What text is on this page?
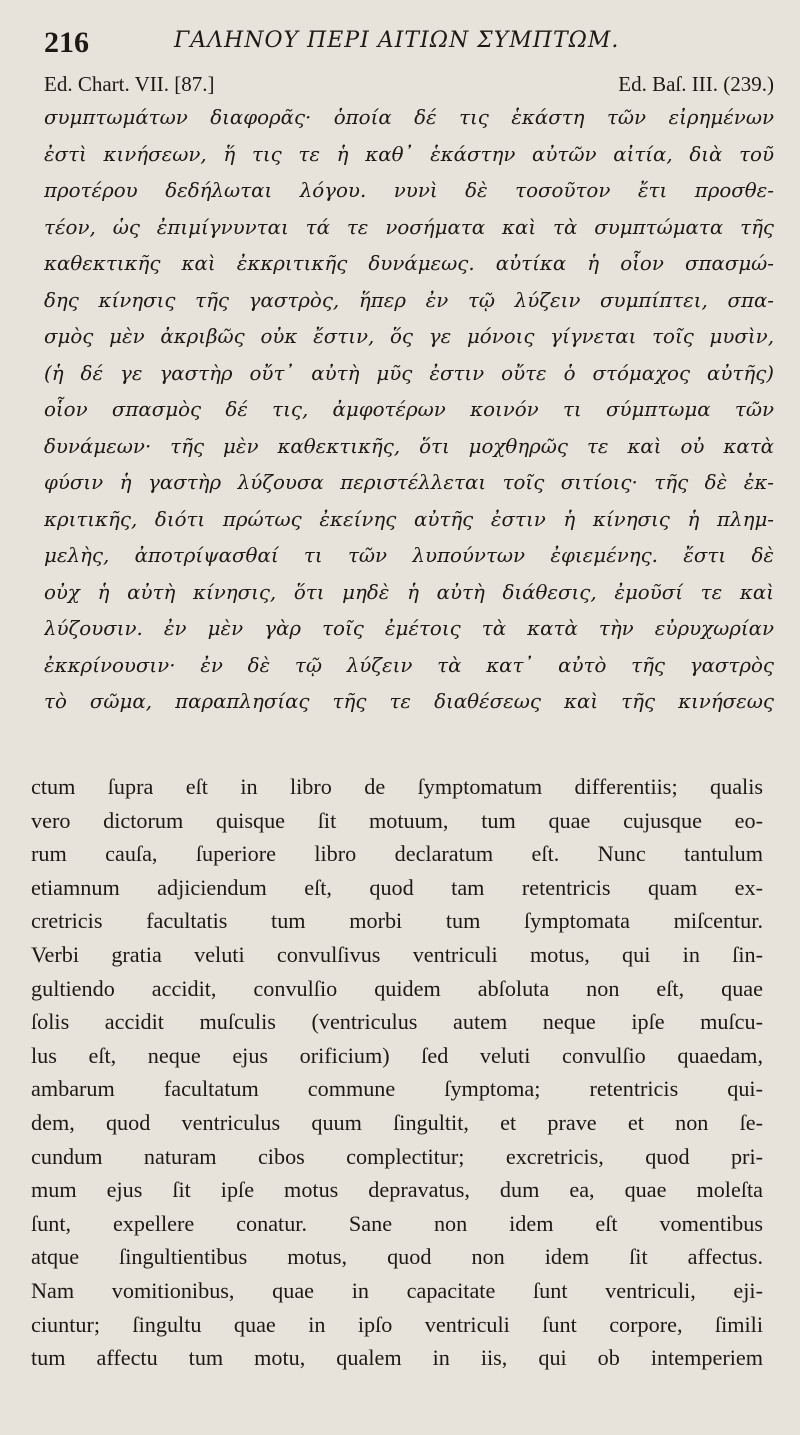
216	ΓΑΛΗΝΟΥ ΠΕΡΙ ΑΙΤΙΩΝ ΣΥΜΠΤΩΜ.
Ed. Chart. VII. [87.]	Ed. Baſ. III. (239.)
συμπτωμάτων διαφορᾶς· ὁποία δέ τις ἑκάστη τῶν εἰρημένων
ἐστὶ κινήσεων, ἥ τις τε ἡ καθ᾽ ἑκάστην αὐτῶν αἰτία, διὰ τοῦ
προτέρου δεδήλωται λόγου. νυνὶ δὲ τοσοῦτον ἔτι προσθε-
τέον, ὡς ἐπιμίγνυνται τά τε νοσήματα καὶ τὰ συμπτώματα τῆς
καθεκτικῆς καὶ ἐκκριτικῆς δυνάμεως. αὐτίκα ἡ οἷον σπασμώ-
δης κίνησις τῆς γαστρὸς, ἥπερ ἐν τῷ λύζειν συμπίπτει, σπα-
σμὸς μὲν ἀκριβῶς οὐκ ἔστιν, ὅς γε μόνοις γίγνεται τοῖς μυσὶν,
(ἡ δέ γε γαστὴρ οὔτ᾽ αὐτὴ μῦς ἐστιν οὔτε ὁ στόμαχος αὐτῆς)
οἷον σπασμὸς δέ τις, ἀμφοτέρων κοινόν τι σύμπτωμα τῶν
δυνάμεων· τῆς μὲν καθεκτικῆς, ὅτι μοχθηρῶς τε καὶ οὐ κατὰ
φύσιν ἡ γαστὴρ λύζουσα περιστέλλεται τοῖς σιτίοις· τῆς δὲ ἐκ-
κριτικῆς, διότι πρώτως ἐκείνης αὐτῆς ἐστιν ἡ κίνησις ἡ πλημ-
μελὴς, ἀποτρίψασθαί τι τῶν λυπούντων ἐφιεμένης. ἔστι δὲ
οὐχ ἡ αὐτὴ κίνησις, ὅτι μηδὲ ἡ αὐτὴ διάθεσις, ἐμοῦσί τε καὶ
λύζουσιν. ἐν μὲν γὰρ τοῖς ἐμέτοις τὰ κατὰ τὴν εὐρυχωρίαν
ἐκκρίνουσιν· ἐν δὲ τῷ λύζειν τὰ κατ᾽ αὐτὸ τῆς γαστρὸς
τὸ σῶμα, παραπλησίας τῆς τε διαθέσεως καὶ τῆς κινήσεως
ctum ſupra eſt in libro de ſymptomatum differentiis; qualis
vero dictorum quisque ſit motuum, tum quae cujusque eo-
rum cauſa, ſuperiore libro declaratum eſt. Nunc tantulum
etiamnum adjiciendum eſt, quod tam retentricis quam ex-
cretricis facultatis tum morbi tum ſymptomata miſcentur.
Verbi gratia veluti convulſivus ventriculi motus, qui in ſin-
gultiendo accidit, convulſio quidem abſoluta non eſt, quae
ſolis accidit muſculis (ventriculus autem neque ipſe muſcu-
lus eſt, neque ejus orificium) ſed veluti convulſio quaedam,
ambarum facultatum commune ſymptoma; retentricis qui-
dem, quod ventriculus quum ſingultit, et prave et non ſe-
cundum naturam cibos complectitur; excretricis, quod pri-
mum ejus ſit ipſe motus depravatus, dum ea, quae moleſta
ſunt, expellere conatur. Sane non idem eſt vomentibus
atque ſingultientibus motus, quod non idem ſit affectus.
Nam vomitionibus, quae in capacitate ſunt ventriculi, eji-
ciuntur; ſingultu quae in ipſo ventriculi ſunt corpore, ſimili
tum affectu tum motu, qualem in iis, qui ob intemperiem
